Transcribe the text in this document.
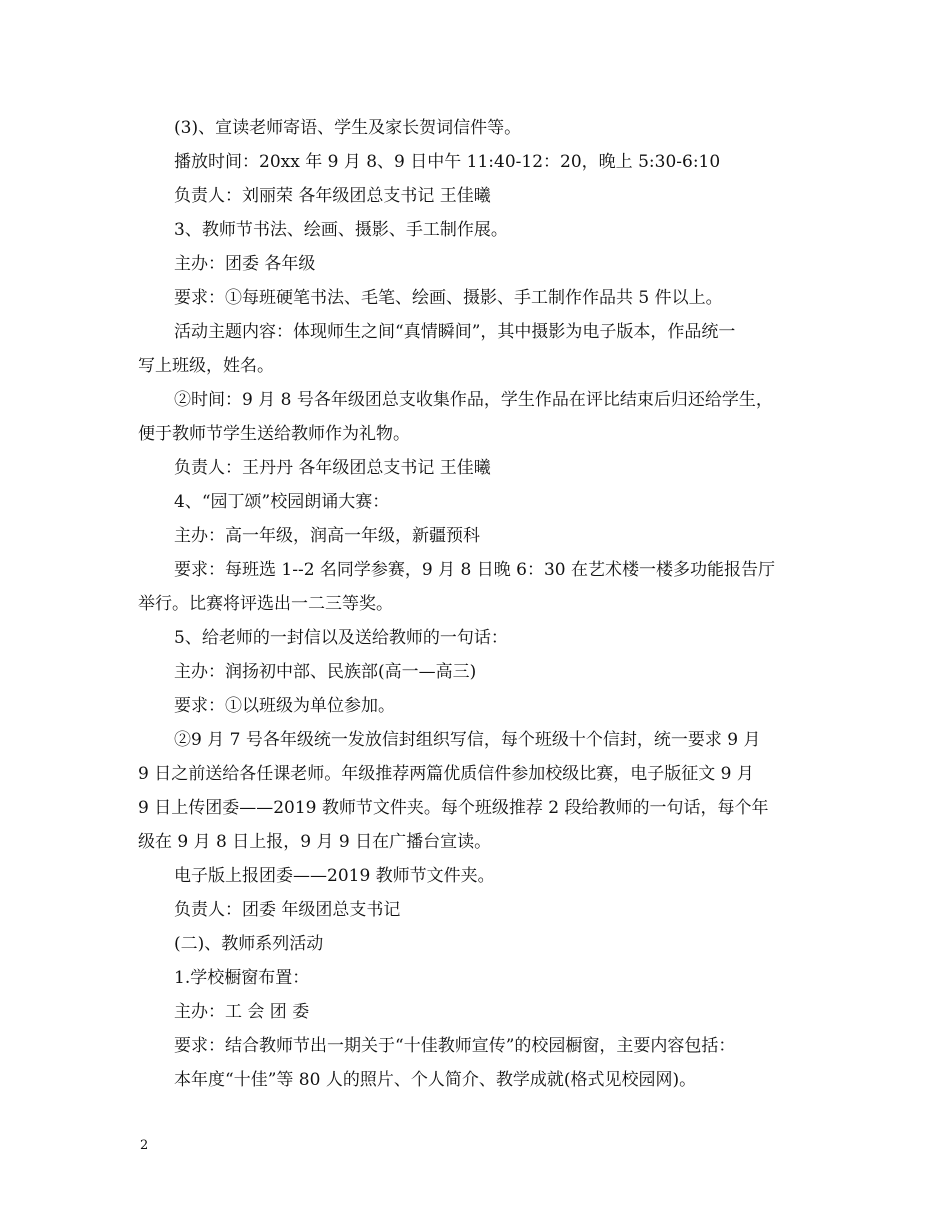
(3)、宣读老师寄语、学生及家长贺词信件等。

播放时间：20xx 年 9 月 8、9 日中午 11:40-12：20，晚上 5:30-6:10

负责人：刘丽荣 各年级团总支书记 王佳曦

3、教师节书法、绘画、摄影、手工制作展。

主办：团委 各年级

要求：①每班硬笔书法、毛笔、绘画、摄影、手工制作作品共 5 件以上。

活动主题内容：体现师生之间“真情瞬间”，其中摄影为电子版本，作品统一

写上班级，姓名。

②时间：9 月 8 号各年级团总支收集作品，学生作品在评比结束后归还给学生，

便于教师节学生送给教师作为礼物。

负责人：王丹丹 各年级团总支书记 王佳曦

4、“园丁颂”校园朗诵大赛：

主办：高一年级，润高一年级，新疆预科

要求：每班选 1--2 名同学参赛，9 月 8 日晚 6：30 在艺术楼一楼多功能报告厅

举行。比赛将评选出一二三等奖。

5、给老师的一封信以及送给教师的一句话：

主办：润扬初中部、民族部(高一—高三)

要求：①以班级为单位参加。

②9 月 7 号各年级统一发放信封组织写信，每个班级十个信封，统一要求 9 月

9 日之前送给各任课老师。年级推荐两篇优质信件参加校级比赛，电子版征文 9 月

9 日上传团委——2019 教师节文件夹。每个班级推荐 2 段给教师的一句话，每个年

级在 9 月 8 日上报，9 月 9 日在广播台宣读。

电子版上报团委——2019 教师节文件夹。

负责人：团委 年级团总支书记

(二)、教师系列活动

1.学校橱窗布置：

主办：工 会 团 委

要求：结合教师节出一期关于“十佳教师宣传”的校园橱窗，主要内容包括：

本年度“十佳”等 80 人的照片、个人简介、教学成就(格式见校园网)。

2
